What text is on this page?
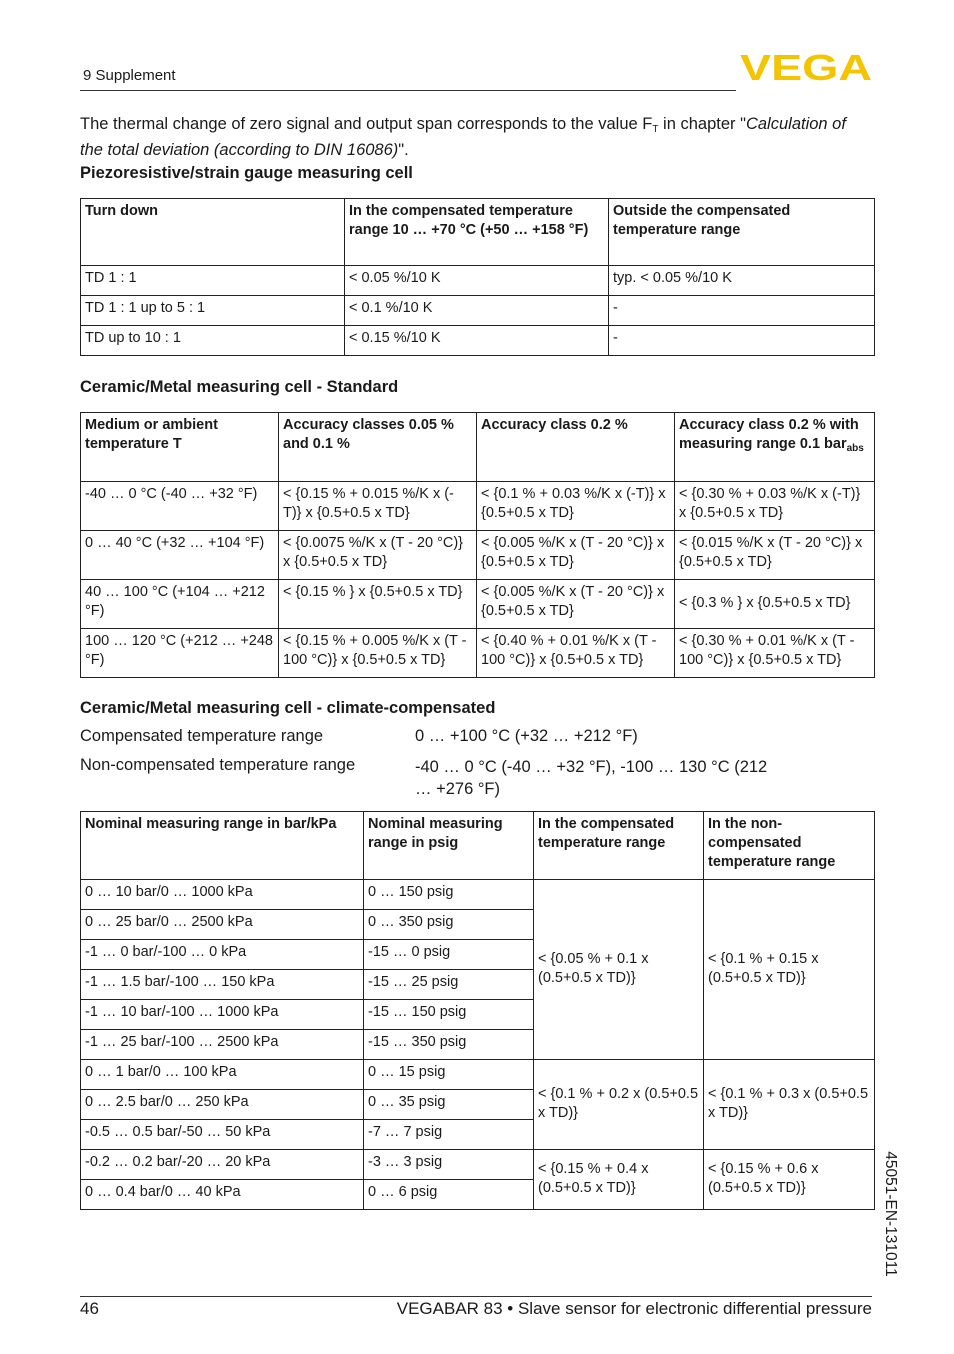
9 Supplement	VEGA
The thermal change of zero signal and output span corresponds to the value $F_T$ in chapter "Calculation of the total deviation (according to DIN 16086)".
Piezoresistive/strain gauge measuring cell
Turn down	In the compensated temperature range 10 … +70 °C (+50 … +158 °F)	Outside the compensated temperature range
TD 1 : 1	< 0.05 %/10 K	typ. < 0.05 %/10 K
TD 1 : 1 up to 5 : 1	< 0.1 %/10 K	-
TD up to 10 : 1	< 0.15 %/10 K	-
Ceramic/Metal measuring cell - Standard
Medium or ambient temperature T	Accuracy classes 0.05 % and 0.1 %	Accuracy class 0.2 %	Accuracy class 0.2 % with measuring range 0.1 bar$_{abs}$
-40 … 0 °C (-40 … +32 °F)	< {0.15 % + 0.015 %/K x (-T)} x {0.5+0.5 x TD}	< {0.1 % + 0.03 %/K x (-T)} x {0.5+0.5 x TD}	< {0.30 % + 0.03 %/K x (-T)} x {0.5+0.5 x TD}
0 … 40 °C (+32 … +104 °F)	< {0.0075 %/K x (T - 20 °C)} x {0.5+0.5 x TD}	< {0.005 %/K x (T - 20 °C)} x {0.5+0.5 x TD}	< {0.015 %/K x (T - 20 °C)} x {0.5+0.5 x TD}
40 … 100 °C (+104 … +212 °F)	< {0.15 % } x {0.5+0.5 x TD}	< {0.005 %/K x (T - 20 °C)} x {0.5+0.5 x TD}	< {0.3 % } x {0.5+0.5 x TD}
100 … 120 °C (+212 … +248 °F)	< {0.15 % + 0.005 %/K x (T - 100 °C)} x {0.5+0.5 x TD}	< {0.40 % + 0.01 %/K x (T - 100 °C)} x {0.5+0.5 x TD}	< {0.30 % + 0.01 %/K x (T - 100 °C)} x {0.5+0.5 x TD}
Ceramic/Metal measuring cell - climate-compensated
Compensated temperature range	0 … +100 °C (+32 … +212 °F)
Non-compensated temperature range	-40 … 0 °C (-40 … +32 °F), -100 … 130 °C (212 … +276 °F)
Nominal measuring range in bar/kPa	Nominal measuring range in psig	In the compensated temperature range	In the non-compensated temperature range
0 … 10 bar/0 … 1000 kPa	0 … 150 psig	< {0.05 % + 0.1 x (0.5+0.5 x TD)}	< {0.1 % + 0.15 x (0.5+0.5 x TD)}
0 … 25 bar/0 … 2500 kPa	0 … 350 psig		
-1 … 0 bar/-100 … 0 kPa	-15 … 0 psig		
-1 … 1.5 bar/-100 … 150 kPa	-15 … 25 psig		
-1 … 10 bar/-100 … 1000 kPa	-15 … 150 psig		
-1 … 25 bar/-100 … 2500 kPa	-15 … 350 psig		
0 … 1 bar/0 … 100 kPa	0 … 15 psig	< {0.1 % + 0.2 x (0.5+0.5 x TD)}	< {0.1 % + 0.3 x (0.5+0.5 x TD)}
0 … 2.5 bar/0 … 250 kPa	0 … 35 psig		
-0.5 … 0.5 bar/-50 … 50 kPa	-7 … 7 psig		
-0.2 … 0.2 bar/-20 … 20 kPa	-3 … 3 psig	< {0.15 % + 0.4 x (0.5+0.5 x TD)}	< {0.15 % + 0.6 x (0.5+0.5 x TD)}
0 … 0.4 bar/0 … 40 kPa	0 … 6 psig			45051-EN-131011
46	VEGABAR 83 • Slave sensor for electronic differential pressure
